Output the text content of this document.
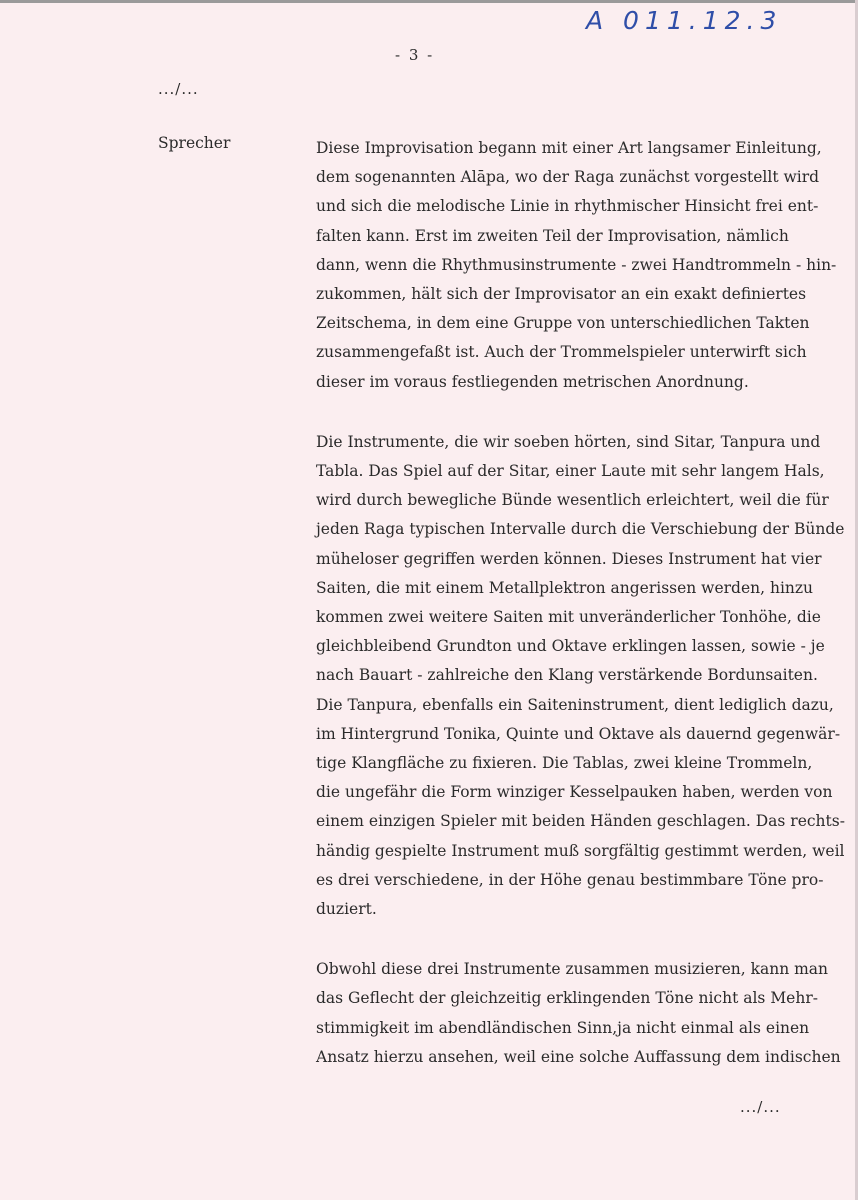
A 011.12.3
- 3 -
.../...
Sprecher	Diese Improvisation begann mit einer Art langsamer Einleitung,
dem sogenannten Alāpa, wo der Raga zunächst vorgestellt wird
und sich die melodische Linie in rhythmischer Hinsicht frei ent-
falten kann. Erst im zweiten Teil der Improvisation, nämlich
dann, wenn die Rhythmusinstrumente - zwei Handtrommeln - hin-
zukommen, hält sich der Improvisator an ein exakt definiertes
Zeitschema, in dem eine Gruppe von unterschiedlichen Takten
zusammengefaßt ist. Auch der Trommelspieler unterwirft sich
dieser im voraus festliegenden metrischen Anordnung.

Die Instrumente, die wir soeben hörten, sind Sitar, Tanpura und
Tabla. Das Spiel auf der Sitar, einer Laute mit sehr langem Hals,
wird durch bewegliche Bünde wesentlich erleichtert, weil die für
jeden Raga typischen Intervalle durch die Verschiebung der Bünde
müheloser gegriffen werden können. Dieses Instrument hat vier
Saiten, die mit einem Metallplektron angerissen werden, hinzu
kommen zwei weitere Saiten mit unveränderlicher Tonhöhe, die
gleichbleibend Grundton und Oktave erklingen lassen, sowie - je
nach Bauart - zahlreiche den Klang verstärkende Bordunsaiten.
Die Tanpura, ebenfalls ein Saiteninstrument, dient lediglich dazu,
im Hintergrund Tonika, Quinte und Oktave als dauernd gegenwär-
tige Klangfläche zu fixieren. Die Tablas, zwei kleine Trommeln,
die ungefähr die Form winziger Kesselpauken haben, werden von
einem einzigen Spieler mit beiden Händen geschlagen. Das rechts-
händig gespielte Instrument muß sorgfältig gestimmt werden, weil
es drei verschiedene, in der Höhe genau bestimmbare Töne pro-
duziert.

Obwohl diese drei Instrumente zusammen musizieren, kann man
das Geflecht der gleichzeitig erklingenden Töne nicht als Mehr-
stimmigkeit im abendländischen Sinn,ja nicht einmal als einen
Ansatz hierzu ansehen, weil eine solche Auffassung dem indischen

.../...
